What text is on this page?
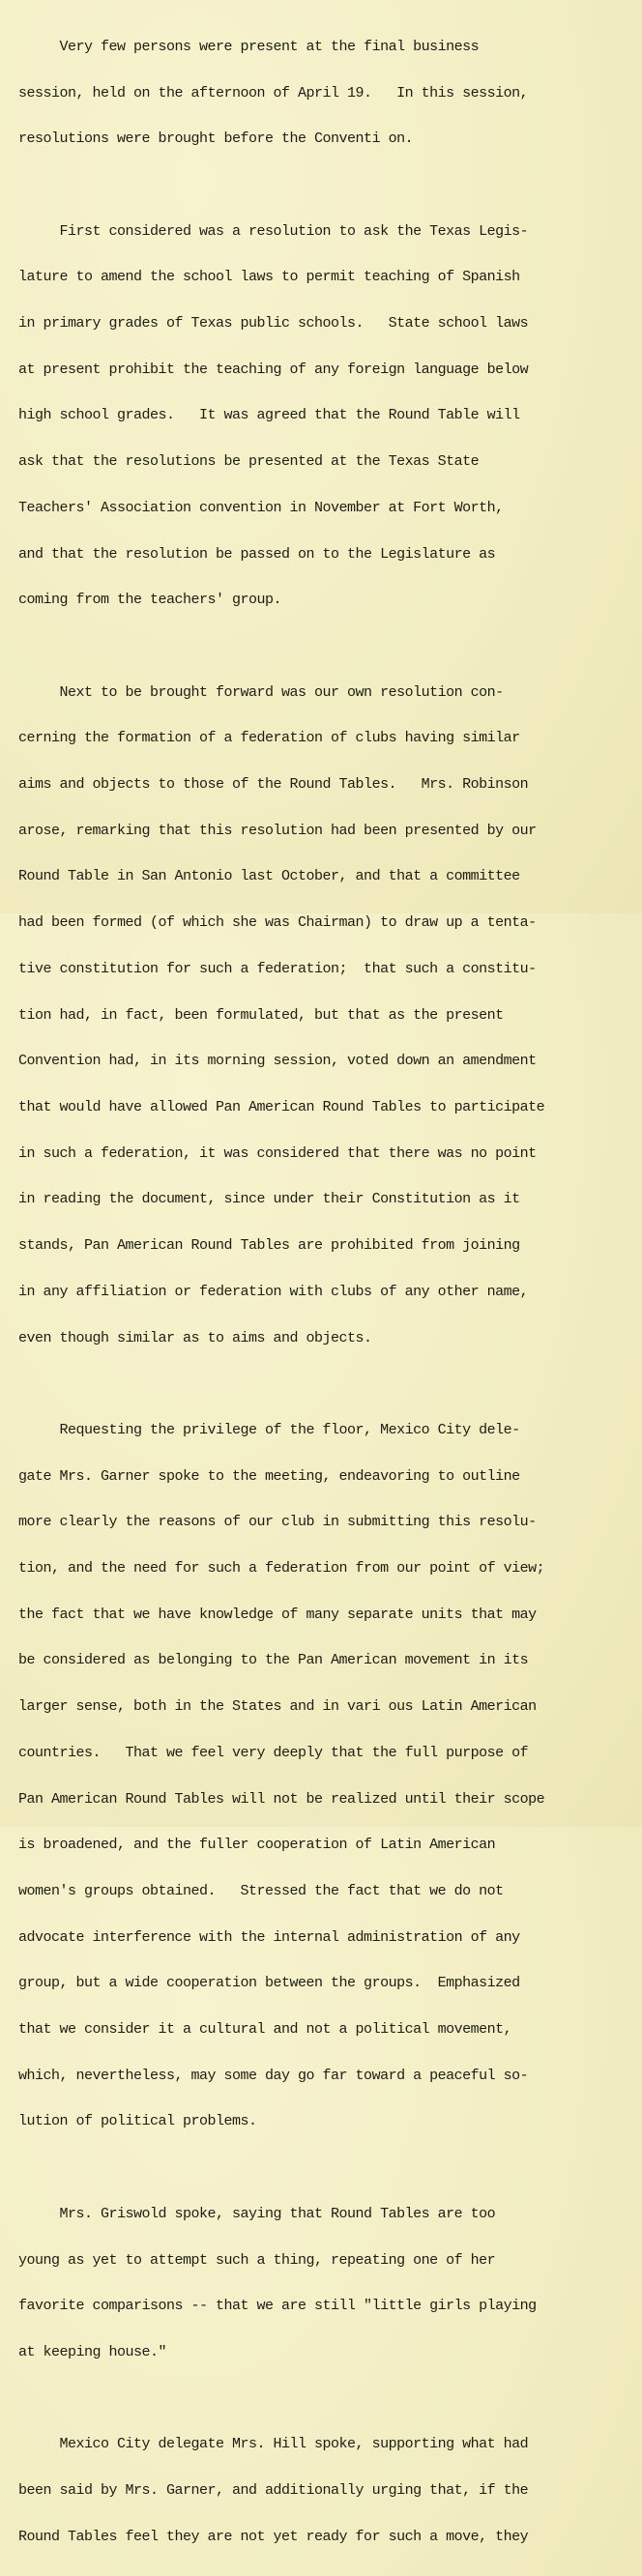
Very few persons were present at the final business

session, held on the afternoon of April 19.   In this session,

resolutions were brought before the Conventi on.

First considered was a resolution to ask the Texas Legis-

lature to amend the school laws to permit teaching of Spanish

in primary grades of Texas public schools.   State school laws

at present prohibit the teaching of any foreign language below

high school grades.   It was agreed that the Round Table will

ask that the resolutions be presented at the Texas State

Teachers' Association convention in November at Fort Worth,

and that the resolution be passed on to the Legislature as

coming from the teachers' group.

Next to be brought forward was our own resolution con-

cerning the formation of a federation of clubs having similar

aims and objects to those of the Round Tables.   Mrs. Robinson

arose, remarking that this resolution had been presented by our

Round Table in San Antonio last October, and that a committee

had been formed (of which she was Chairman) to draw up a tenta-

tive constitution for such a federation;  that such a constitu-

tion had, in fact, been formulated, but that as the present

Convention had, in its morning session, voted down an amendment

that would have allowed Pan American Round Tables to participate

in such a federation, it was considered that there was no point

in reading the document, since under their Constitution as it

stands, Pan American Round Tables are prohibited from joining

in any affiliation or federation with clubs of any other name,

even though similar as to aims and objects.

Requesting the privilege of the floor, Mexico City dele-

gate Mrs. Garner spoke to the meeting, endeavoring to outline

more clearly the reasons of our club in submitting this resolu-

tion, and the need for such a federation from our point of view;

the fact that we have knowledge of many separate units that may

be considered as belonging to the Pan American movement in its

larger sense, both in the States and in vari ous Latin American

countries.   That we feel very deeply that the full purpose of

Pan American Round Tables will not be realized until their scope

is broadened, and the fuller cooperation of Latin American

women's groups obtained.   Stressed the fact that we do not

advocate interference with the internal administration of any

group, but a wide cooperation between the groups.  Emphasized

that we consider it a cultural and not a political movement,

which, nevertheless, may some day go far toward a peaceful so-

lution of political problems.

Mrs. Griswold spoke, saying that Round Tables are too

young as yet to attempt such a thing, repeating one of her

favorite comparisons -- that we are still "little girls playing

at keeping house."

Mexico City delegate Mrs. Hill spoke, supporting what had

been said by Mrs. Garner, and additionally urging that, if the

Round Tables feel they are not yet ready for such a move, they
